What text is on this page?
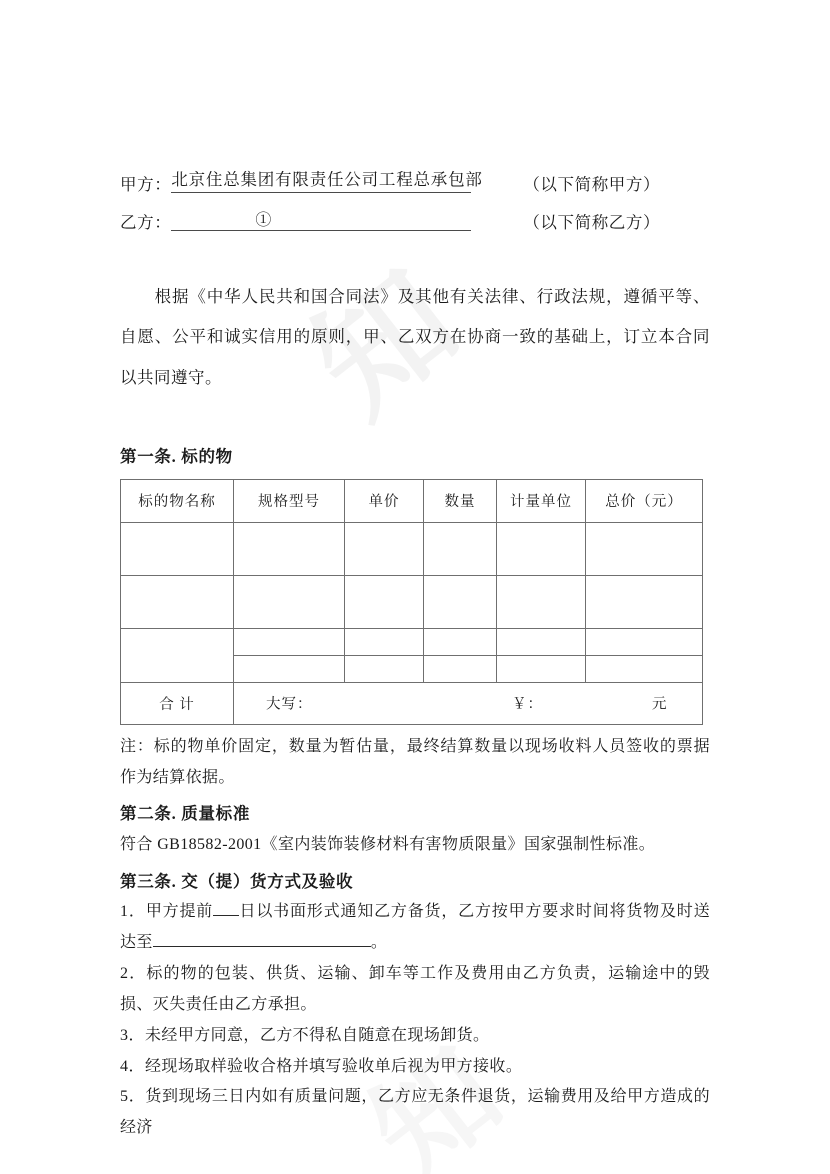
甲方： 北京住总集团有限责任公司工程总承包部 （以下简称甲方）
乙方：	①	（以下简称乙方）
根据《中华人民共和国合同法》及其他有关法律、行政法规，遵循平等、自愿、公平和诚实信用的原则，甲、乙双方在协商一致的基础上，订立本合同以共同遵守。
第一条. 标的物
标的物名称	规格型号	单价	数量	计量单位	总价（元）

合 计	大写： ￥： 元				
注：标的物单价固定，数量为暂估量，最终结算数量以现场收料人员签收的票据作为结算依据。
第二条. 质量标准
符合 GB18582-2001《室内装饰装修材料有害物质限量》国家强制性标准。
第三条. 交（提）货方式及验收
1．甲方提前 日以书面形式通知乙方备货，乙方按甲方要求时间将货物及时送达至	。
2．标的物的包装、供货、运输、卸车等工作及费用由乙方负责，运输途中的毁损、灭失责任由乙方承担。
3．未经甲方同意，乙方不得私自随意在现场卸货。
4．经现场取样验收合格并填写验收单后视为甲方接收。
5．货到现场三日内如有质量问题，乙方应无条件退货，运输费用及给甲方造成的经济
